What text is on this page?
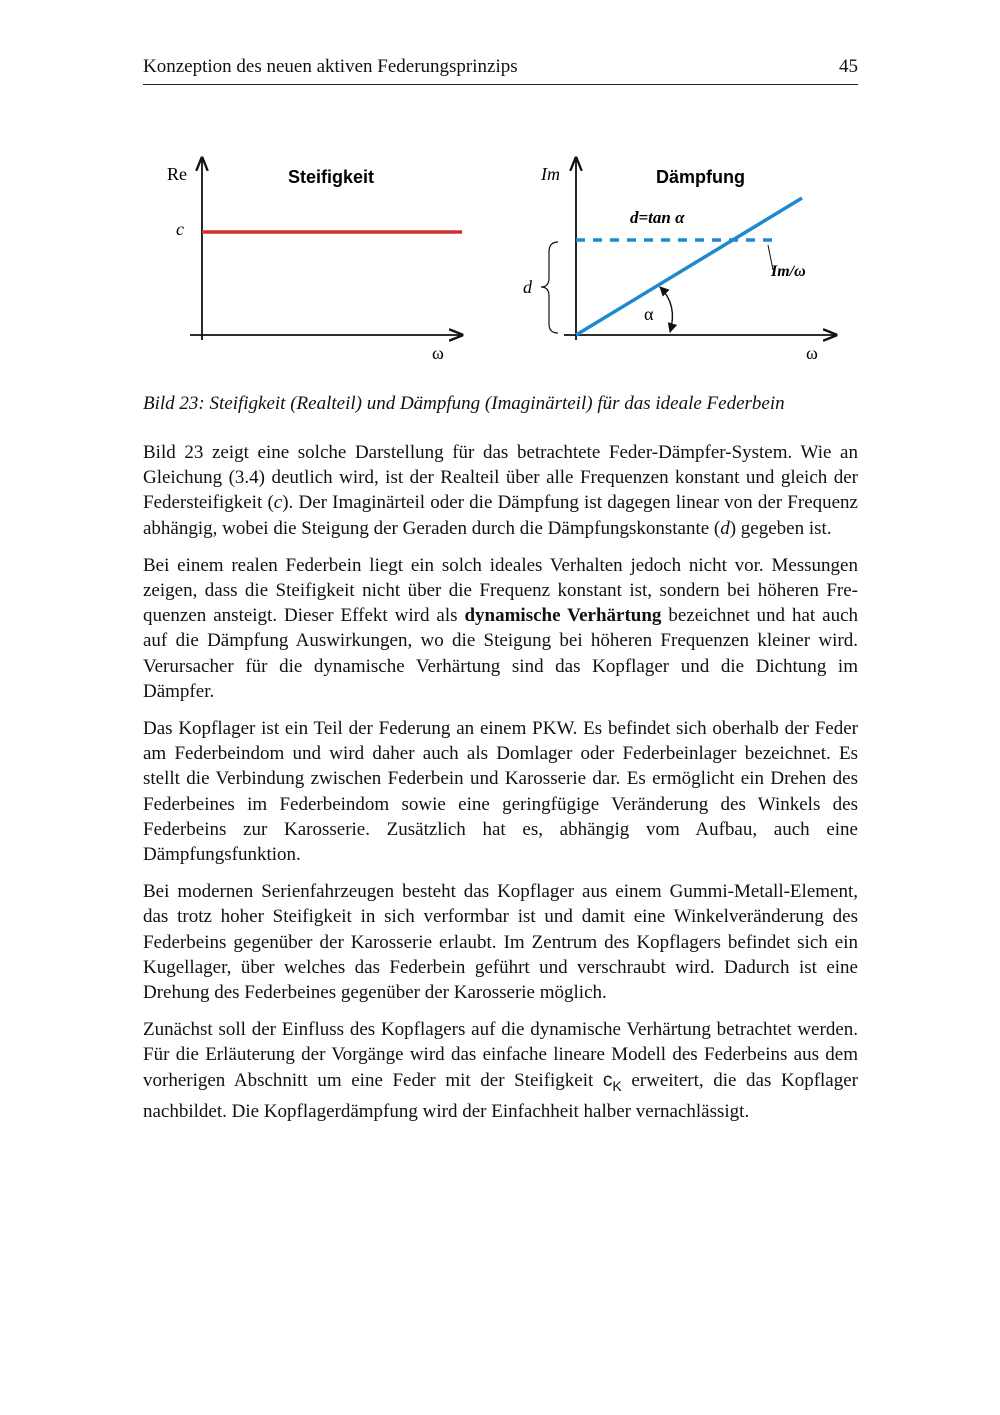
Konzeption des neuen aktiven Federungsprinzips	45
Re	Steifigkeit
c
ω
Im	Dämpfung
d=tan α
Im/ω
d
α
ω
Bild 23: Steifigkeit (Realteil) und Dämpfung (Imaginärteil) für das ideale Federbein

Bild 23 zeigt eine solche Darstellung für das betrachtete Feder-Dämpfer-System. Wie an Gleichung (3.4) deutlich wird, ist der Realteil über alle Frequenzen konstant und gleich der Federsteifigkeit (c). Der Imaginärteil oder die Dämpfung ist dagegen linear von der Frequenz abhängig, wobei die Steigung der Geraden durch die Dämpfungskonstante (d) gegeben ist.

Bei einem realen Federbein liegt ein solch ideales Verhalten jedoch nicht vor. Messungen zeigen, dass die Steifigkeit nicht über die Frequenz konstant ist, sondern bei höheren Frequenzen ansteigt. Dieser Effekt wird als dynamische Verhärtung bezeichnet und hat auch auf die Dämpfung Auswirkungen, wo die Steigung bei höheren Frequenzen kleiner wird. Verursacher für die dynamische Verhärtung sind das Kopflager und die Dichtung im Dämpfer.

Das Kopflager ist ein Teil der Federung an einem PKW. Es befindet sich oberhalb der Feder am Federbeindom und wird daher auch als Domlager oder Federbeinlager bezeichnet. Es stellt die Verbindung zwischen Federbein und Karosserie dar. Es ermöglicht ein Drehen des Federbeines im Federbeindom sowie eine geringfügige Veränderung des Winkels des Federbeins zur Karosserie. Zusätzlich hat es, abhängig vom Aufbau, auch eine Dämpfungsfunktion.

Bei modernen Serienfahrzeugen besteht das Kopflager aus einem Gummi-Metall-Element, das trotz hoher Steifigkeit in sich verformbar ist und damit eine Winkelveränderung des Federbeins gegenüber der Karosserie erlaubt. Im Zentrum des Kopflagers befindet sich ein Kugellager, über welches das Federbein geführt und verschraubt wird. Dadurch ist eine Drehung des Federbeines gegenüber der Karosserie möglich.

Zunächst soll der Einfluss des Kopflagers auf die dynamische Verhärtung betrachtet werden. Für die Erläuterung der Vorgänge wird das einfache lineare Modell des Federbeins aus dem vorherigen Abschnitt um eine Feder mit der Steifigkeit $c_K$ erweitert, die das Kopflager nachbildet. Die Kopflagerdämpfung wird der Einfachheit halber vernachlässigt.
